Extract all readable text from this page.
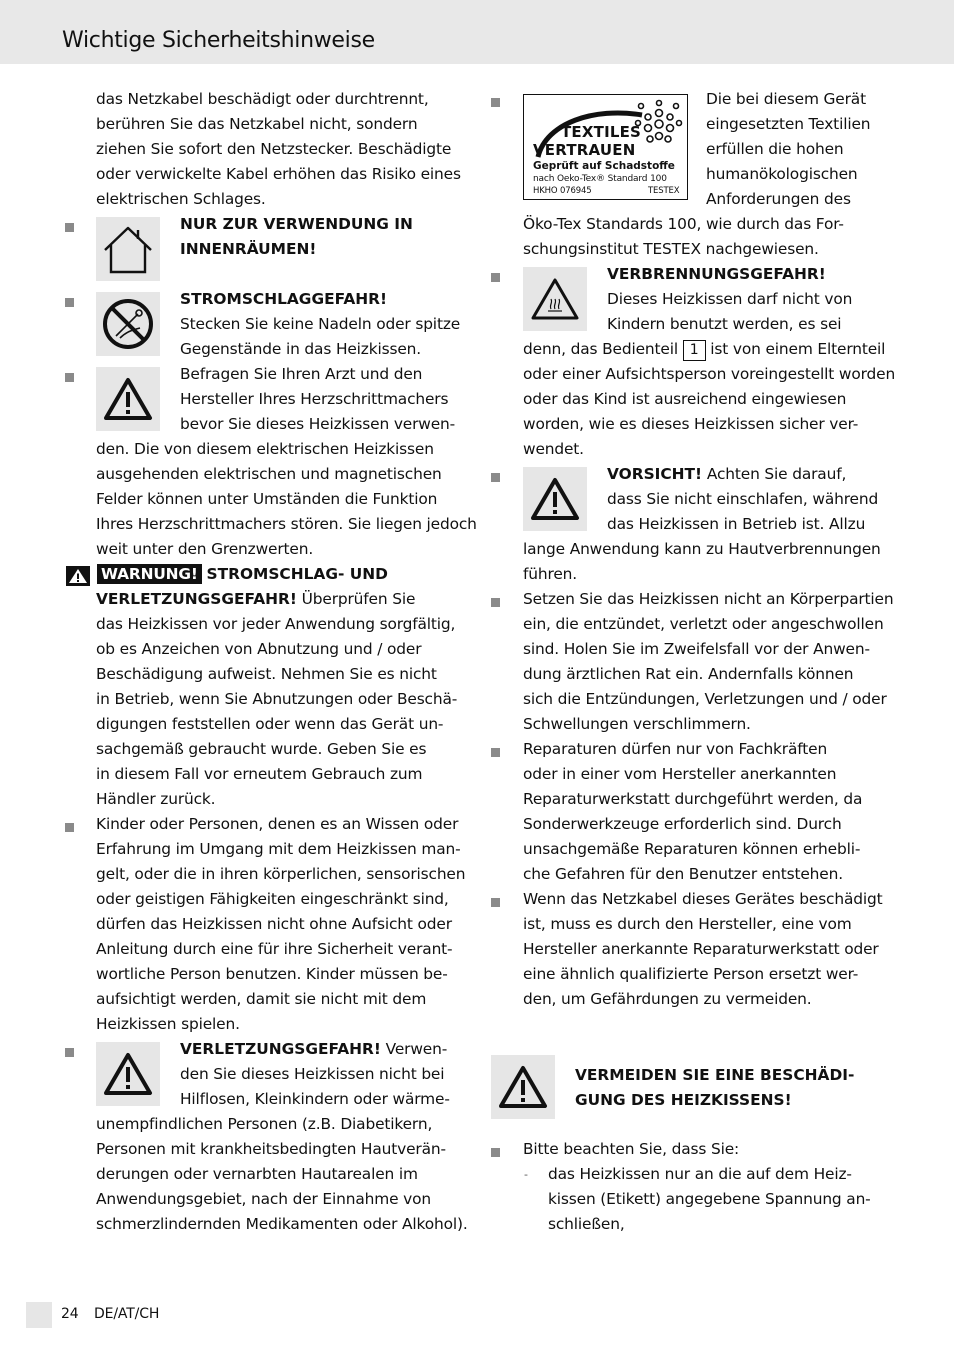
Wichtige Sicherheitshinweise
das Netzkabel beschädigt oder durchtrennt,
berühren Sie das Netzkabel nicht, sondern
ziehen Sie sofort den Netzstecker. Beschädigte
oder verwickelte Kabel erhöhen das Risiko eines
elektrischen Schlages.
NUR ZUR VERWENDUNG IN
INNENRÄUMEN!
STROMSCHLAGGEFAHR!
Stecken Sie keine Nadeln oder spitze
Gegenstände in das Heizkissen.
Befragen Sie Ihren Arzt und den
Hersteller Ihres Herzschrittmachers
bevor Sie dieses Heizkissen verwen-
den. Die von diesem elektrischen Heizkissen
ausgehenden elektrischen und magnetischen
Felder können unter Umständen die Funktion
Ihres Herzschrittmachers stören. Sie liegen jedoch
weit unter den Grenzwerten.
WARNUNG! STROMSCHLAG- UND
VERLETZUNGSGEFAHR! Überprüfen Sie
das Heizkissen vor jeder Anwendung sorgfältig,
ob es Anzeichen von Abnutzung und / oder
Beschädigung aufweist. Nehmen Sie es nicht
in Betrieb, wenn Sie Abnutzungen oder Beschä-
digungen feststellen oder wenn das Gerät un-
sachgemäß gebraucht wurde. Geben Sie es
in diesem Fall vor erneutem Gebrauch zum
Händler zurück.
Kinder oder Personen, denen es an Wissen oder
Erfahrung im Umgang mit dem Heizkissen man-
gelt, oder die in ihren körperlichen, sensorischen
oder geistigen Fähigkeiten eingeschränkt sind,
dürfen das Heizkissen nicht ohne Aufsicht oder
Anleitung durch eine für ihre Sicherheit verant-
wortliche Person benutzen. Kinder müssen be-
aufsichtigt werden, damit sie nicht mit dem
Heizkissen spielen.
VERLETZUNGSGEFAHR! Verwen-
den Sie dieses Heizkissen nicht bei
Hilflosen, Kleinkindern oder wärme-
unempfindlichen Personen (z.B. Diabetikern,
Personen mit krankheitsbedingten Hautverän-
derungen oder vernarbten Hautarealen im
Anwendungsgebiet, nach der Einnahme von
schmerzlindernden Medikamenten oder Alkohol).
TEXTILES
VERTRAUEN
Geprüft auf Schadstoffe
nach Oeko-Tex® Standard 100
HKHO 076945	TESTEX
Die bei diesem Gerät
eingesetzten Textilien
erfüllen die hohen
humanökologischen
Anforderungen des
Öko-Tex Standards 100, wie durch das For-
schungsinstitut TESTEX nachgewiesen.
VERBRENNUNGSGEFAHR!
Dieses Heizkissen darf nicht von
Kindern benutzt werden, es sei
denn, das Bedienteil 1 ist von einem Elternteil
oder einer Aufsichtsperson voreingestellt worden
oder das Kind ist ausreichend eingewiesen
worden, wie es dieses Heizkissen sicher ver-
wendet.
VORSICHT! Achten Sie darauf,
dass Sie nicht einschlafen, während
das Heizkissen in Betrieb ist. Allzu
lange Anwendung kann zu Hautverbrennungen
führen.
Setzen Sie das Heizkissen nicht an Körperpartien
ein, die entzündet, verletzt oder angeschwollen
sind. Holen Sie im Zweifelsfall vor der Anwen-
dung ärztlichen Rat ein. Andernfalls können
sich die Entzündungen, Verletzungen und / oder
Schwellungen verschlimmern.
Reparaturen dürfen nur von Fachkräften
oder in einer vom Hersteller anerkannten
Reparaturwerkstatt durchgeführt werden, da
Sonderwerkzeuge erforderlich sind. Durch
unsachgemäße Reparaturen können erhebli-
che Gefahren für den Benutzer entstehen.
Wenn das Netzkabel dieses Gerätes beschädigt
ist, muss es durch den Hersteller, eine vom
Hersteller anerkannte Reparaturwerkstatt oder
eine ähnlich qualifizierte Person ersetzt wer-
den, um Gefährdungen zu vermeiden.
VERMEIDEN SIE EINE BESCHÄDI-
GUNG DES HEIZKISSENS!
Bitte beachten Sie, dass Sie:
- das Heizkissen nur an die auf dem Heiz-
kissen (Etikett) angegebene Spannung an-
schließen,
24 DE/AT/CH
